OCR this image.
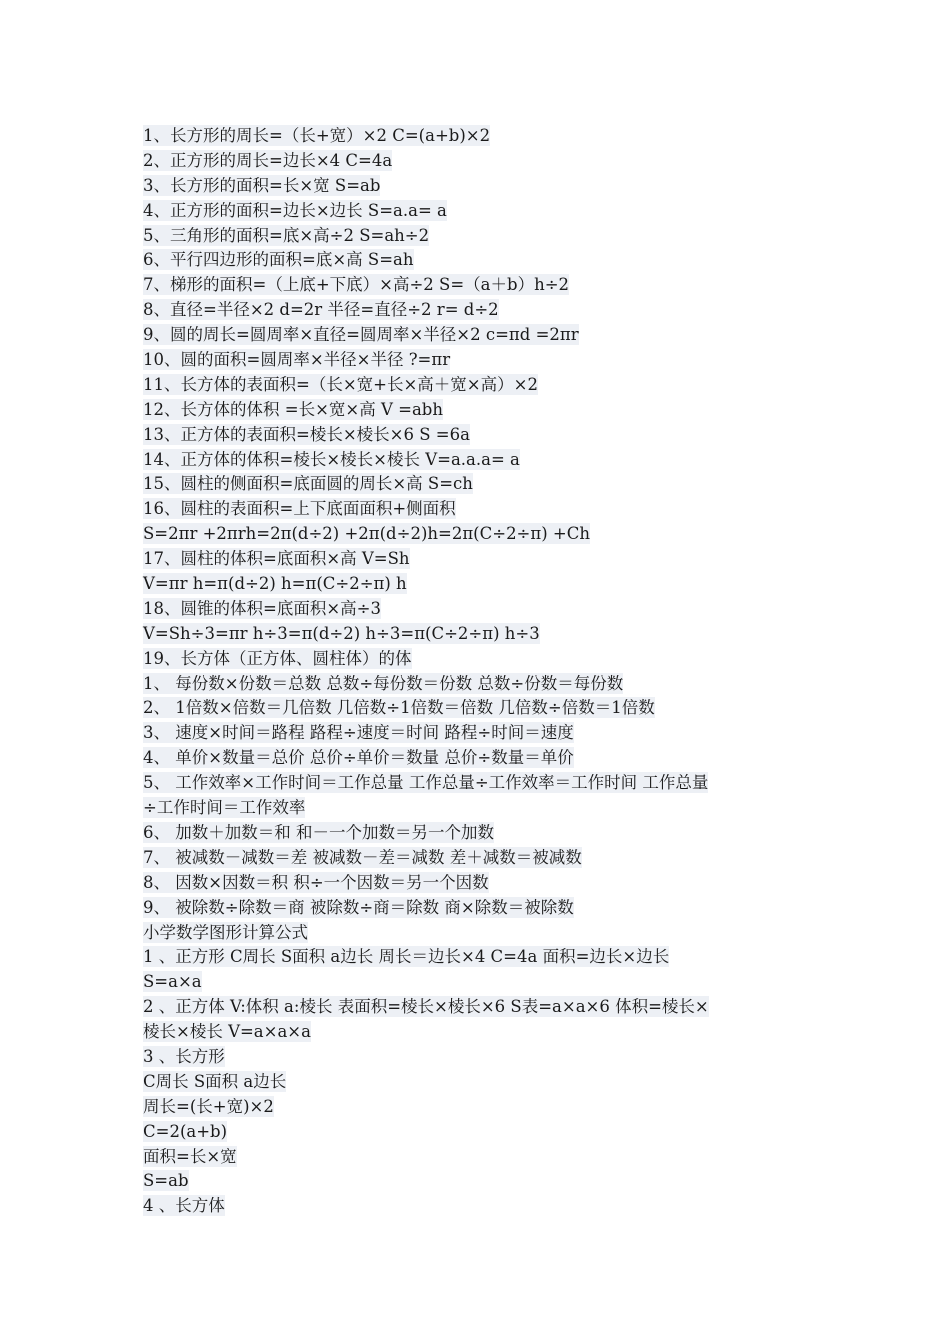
1、长方形的周长=（长+宽）×2 C=(a+b)×2
2、正方形的周长=边长×4 C=4a
3、长方形的面积=长×宽 S=ab
4、正方形的面积=边长×边长 S=a.a= a
5、三角形的面积=底×高÷2 S=ah÷2
6、平行四边形的面积=底×高 S=ah
7、梯形的面积=（上底+下底）×高÷2 S=（a＋b）h÷2
8、直径=半径×2 d=2r 半径=直径÷2 r= d÷2
9、圆的周长=圆周率×直径=圆周率×半径×2 c=πd =2πr
10、圆的面积=圆周率×半径×半径 ?=πr
11、长方体的表面积=（长×宽+长×高＋宽×高）×2
12、长方体的体积 =长×宽×高 V =abh
13、正方体的表面积=棱长×棱长×6 S =6a
14、正方体的体积=棱长×棱长×棱长 V=a.a.a= a
15、圆柱的侧面积=底面圆的周长×高 S=ch
16、圆柱的表面积=上下底面面积+侧面积
S=2πr +2πrh=2π(d÷2) +2π(d÷2)h=2π(C÷2÷π) +Ch
17、圆柱的体积=底面积×高 V=Sh
V=πr h=π(d÷2) h=π(C÷2÷π) h
18、圆锥的体积=底面积×高÷3
V=Sh÷3=πr h÷3=π(d÷2) h÷3=π(C÷2÷π) h÷3
19、长方体（正方体、圆柱体）的体
1、 每份数×份数＝总数 总数÷每份数＝份数 总数÷份数＝每份数
2、 1倍数×倍数＝几倍数 几倍数÷1倍数＝倍数 几倍数÷倍数＝1倍数
3、 速度×时间＝路程 路程÷速度＝时间 路程÷时间＝速度
4、 单价×数量＝总价 总价÷单价＝数量 总价÷数量＝单价
5、 工作效率×工作时间＝工作总量 工作总量÷工作效率＝工作时间 工作总量
÷工作时间＝工作效率
6、 加数＋加数＝和 和－一个加数＝另一个加数
7、 被减数－减数＝差 被减数－差＝减数 差＋减数＝被减数
8、 因数×因数＝积 积÷一个因数＝另一个因数
9、 被除数÷除数＝商 被除数÷商＝除数 商×除数＝被除数
小学数学图形计算公式
1 、正方形 C周长 S面积 a边长 周长＝边长×4 C=4a 面积=边长×边长
S=a×a
2 、正方体 V:体积 a:棱长 表面积=棱长×棱长×6 S表=a×a×6 体积=棱长×
棱长×棱长 V=a×a×a
3 、长方形
C周长 S面积 a边长
周长=(长+宽)×2
C=2(a+b)
面积=长×宽
S=ab
4 、长方体
